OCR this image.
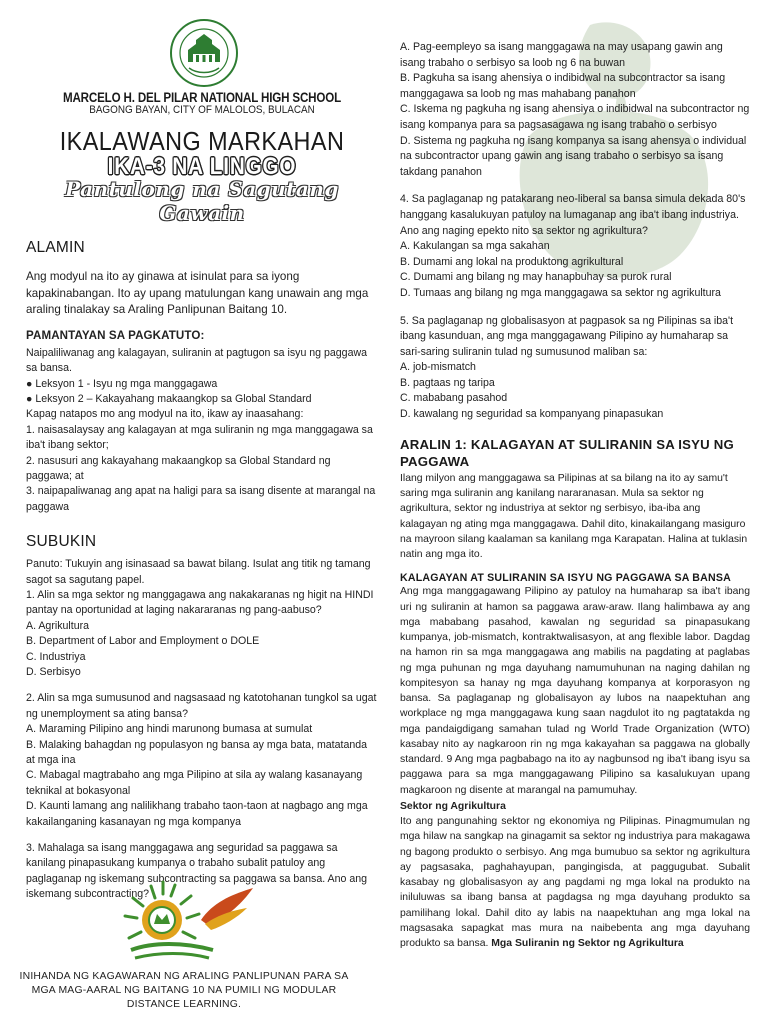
MARCELO H. DEL PILAR NATIONAL HIGH SCHOOL
BAGONG BAYAN, CITY OF MALOLOS, BULACAN
IKALAWANG MARKAHAN
IKA-3 NA LINGGO
Pantulong na Sagutang Gawain
ALAMIN
Ang modyul na ito ay ginawa at isinulat para sa iyong kapakinabangan. Ito ay upang matulungan kang unawain ang mga araling tinalakay sa Araling Panlipunan Baitang 10.
PAMANTAYAN SA PAGKATUTO:

Naipaliliwanag ang kalagayan, suliranin at pagtugon sa isyu ng paggawa sa bansa.

● Leksyon 1 - Isyu ng mga manggagawa

● Leksyon 2 – Kakayahang makaangkop sa Global Standard

Kapag natapos mo ang modyul na ito, ikaw ay inaasahang:

1. naisasalaysay ang kalagayan at mga suliranin ng mga manggagawa sa iba't ibang sektor;

2. nasusuri ang kakayahang makaangkop sa Global Standard ng paggawa; at

3. naipapaliwanag ang apat na haligi para sa isang disente at marangal na paggawa

SUBUKIN

Panuto: Tukuyin ang isinasaad sa bawat bilang. Isulat ang titik ng tamang sagot sa sagutang papel.

1. Alin sa mga sektor ng manggagawa ang nakakaranas ng higit na HINDI pantay na oportunidad at laging nakararanas ng pang-aabuso?

A. Agrikultura

B. Department of Labor and Employment o DOLE

C. Industriya

D. Serbisyo

2. Alin sa mga sumusunod and nagsasaad ng katotohanan tungkol sa ugat ng unemployment sa ating bansa?

A. Maraming Pilipino ang hindi marunong bumasa at sumulat

B. Malaking bahagdan ng populasyon ng bansa ay mga bata, matatanda at mga ina

C. Mabagal magtrabaho ang mga Pilipino at sila ay walang kasanayang teknikal at bokasyonal

D. Kaunti lamang ang nalilikhang trabaho taon-taon at nagbago ang mga kakailanganing kasanayan ng mga kompanya

3. Mahalaga sa isang manggagawa ang seguridad sa paggawa sa kanilang pinapasukang kumpanya o trabaho subalit patuloy ang paglaganap ng iskemang subcontracting sa paggawa sa bansa. Ano ang iskemang subcontracting?

INIHANDA NG KAGAWARAN NG ARALING PANLIPUNAN PARA SA MGA MAG-AARAL NG BAITANG 10 NA PUMILI NG MODULAR DISTANCE LEARNING.

A. Pag-eempleyo sa isang manggagawa na may usapang gawin ang isang trabaho o serbisyo sa loob ng 6 na buwan

B. Pagkuha sa isang ahensiya o indibidwal na subcontractor sa isang manggagawa sa loob ng mas mahabang panahon

C. Iskema ng pagkuha ng isang ahensiya o indibidwal na subcontractor ng isang kompanya para sa pagsasagawa ng isang trabaho o serbisyo

D. Sistema ng pagkuha ng isang kompanya sa isang ahensya o individual na subcontractor upang gawin ang isang trabaho o serbisyo sa isang takdang panahon

4. Sa paglaganap ng patakarang neo-liberal sa bansa simula dekada 80's hanggang kasalukuyan patuloy na lumaganap ang iba't ibang industriya. Ano ang naging epekto nito sa sektor ng agrikultura?

A. Kakulangan sa mga sakahan

B. Dumami ang lokal na produktong agrikultural

C. Dumami ang bilang ng may hanapbuhay sa purok rural

D. Tumaas ang bilang ng mga manggagawa sa sektor ng agrikultura

5. Sa paglaganap ng globalisasyon at pagpasok sa ng Pilipinas sa iba't ibang kasunduan, ang mga manggagawang Pilipino ay humaharap sa sari-saring suliranin tulad ng sumusunod maliban sa:

A. job-mismatch

B. pagtaas ng taripa

C. mababang pasahod

D. kawalang ng seguridad sa kompanyang pinapasukan

ARALIN 1: KALAGAYAN AT SULIRANIN SA ISYU NG PAGGAWA
Ilang milyon ang manggagawa sa Pilipinas at sa bilang na ito ay samu't saring mga suliranin ang kanilang nararanasan. Mula sa sektor ng agrikultura, sektor ng industriya at sektor ng serbisyo, iba-iba ang kalagayan ng ating mga manggagawa. Dahil dito, kinakailangang masiguro na mayroon silang kaalaman sa kanilang mga Karapatan. Halina at tuklasin natin ang mga ito.
KALAGAYAN AT SULIRANIN SA ISYU NG PAGGAWA SA BANSA
Ang mga manggagawang Pilipino ay patuloy na humaharap sa iba't ibang uri ng suliranin at hamon sa paggawa araw-araw. Ilang halimbawa ay ang mga mababang pasahod, kawalan ng seguridad sa pinapasukang kumpanya, job-mismatch, kontraktwalisasyon, at ang flexible labor. Dagdag na hamon rin sa mga manggagawa ang mabilis na pagdating at paglabas ng mga puhunan ng mga dayuhang namumuhunan na naging dahilan ng kompitesyon sa hanay ng mga dayuhang kompanya at korporasyon ng bansa. Sa paglaganap ng globalisayon ay lubos na naapektuhan ang workplace ng mga manggagawa kung saan nagdulot ito ng pagtatakda ng mga pandaigdigang samahan tulad ng World Trade Organization (WTO) kasabay nito ay nagkaroon rin ng mga kakayahan sa paggawa na globally standard. 9 Ang mga pagbabago na ito ay nagbunsod ng iba't ibang isyu sa paggawa para sa mga manggagawang Pilipino sa kasalukuyan upang magkaroon ng disente at marangal na pamumuhay.
Sektor ng Agrikultura
Ito ang pangunahing sektor ng ekonomiya ng Pilipinas. Pinagmumulan ng mga hilaw na sangkap na ginagamit sa sektor ng industriya para makagawa ng bagong produkto o serbisyo. Ang mga bumubuo sa sektor ng agrikultura ay pagsasaka, paghahayupan, pangingisda, at paggugubat. Subalit kasabay ng globalisasyon ay ang pagdami ng mga lokal na produkto na iniluluwas sa ibang bansa at pagdagsa ng mga dayuhang produkto sa pamilihang lokal. Dahil dito ay labis na naapektuhan ang mga lokal na magsasaka sapagkat mas mura na naibebenta ang mga dayuhang produkto sa bansa. Mga Suliranin ng Sektor ng Agrikultura
